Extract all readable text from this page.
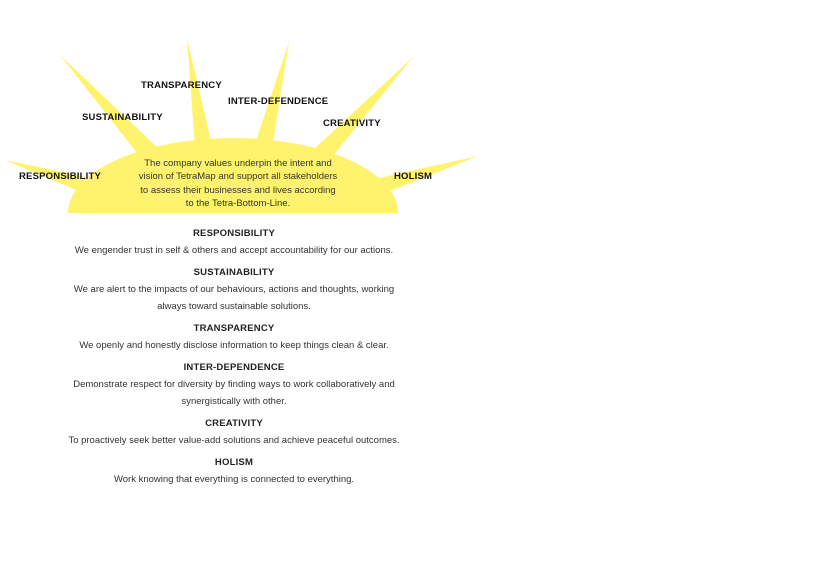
TRANSPARENCY
INTER-DEFENDENCE
SUSTAINABILITY
CREATIVITY
RESPONSIBILITY	HOLISM
The company values underpin the intent and vision of TetraMap and support all stakeholders to assess their businesses and lives according to the Tetra-Bottom-Line.
RESPONSIBILITY
We engender trust in self & others and accept accountability for our actions.
SUSTAINABILITY
We are alert to the impacts of our behaviours, actions and thoughts, working always toward sustainable solutions.
TRANSPARENCY
We openly and honestly disclose information to keep things clean & clear.
INTER-DEPENDENCE
Demonstrate respect for diversity by finding ways to work collaboratively and synergistically with other.
CREATIVITY
To proactively seek better value-add solutions and achieve peaceful outcomes.
HOLISM
Work knowing that everything is connected to everything.
